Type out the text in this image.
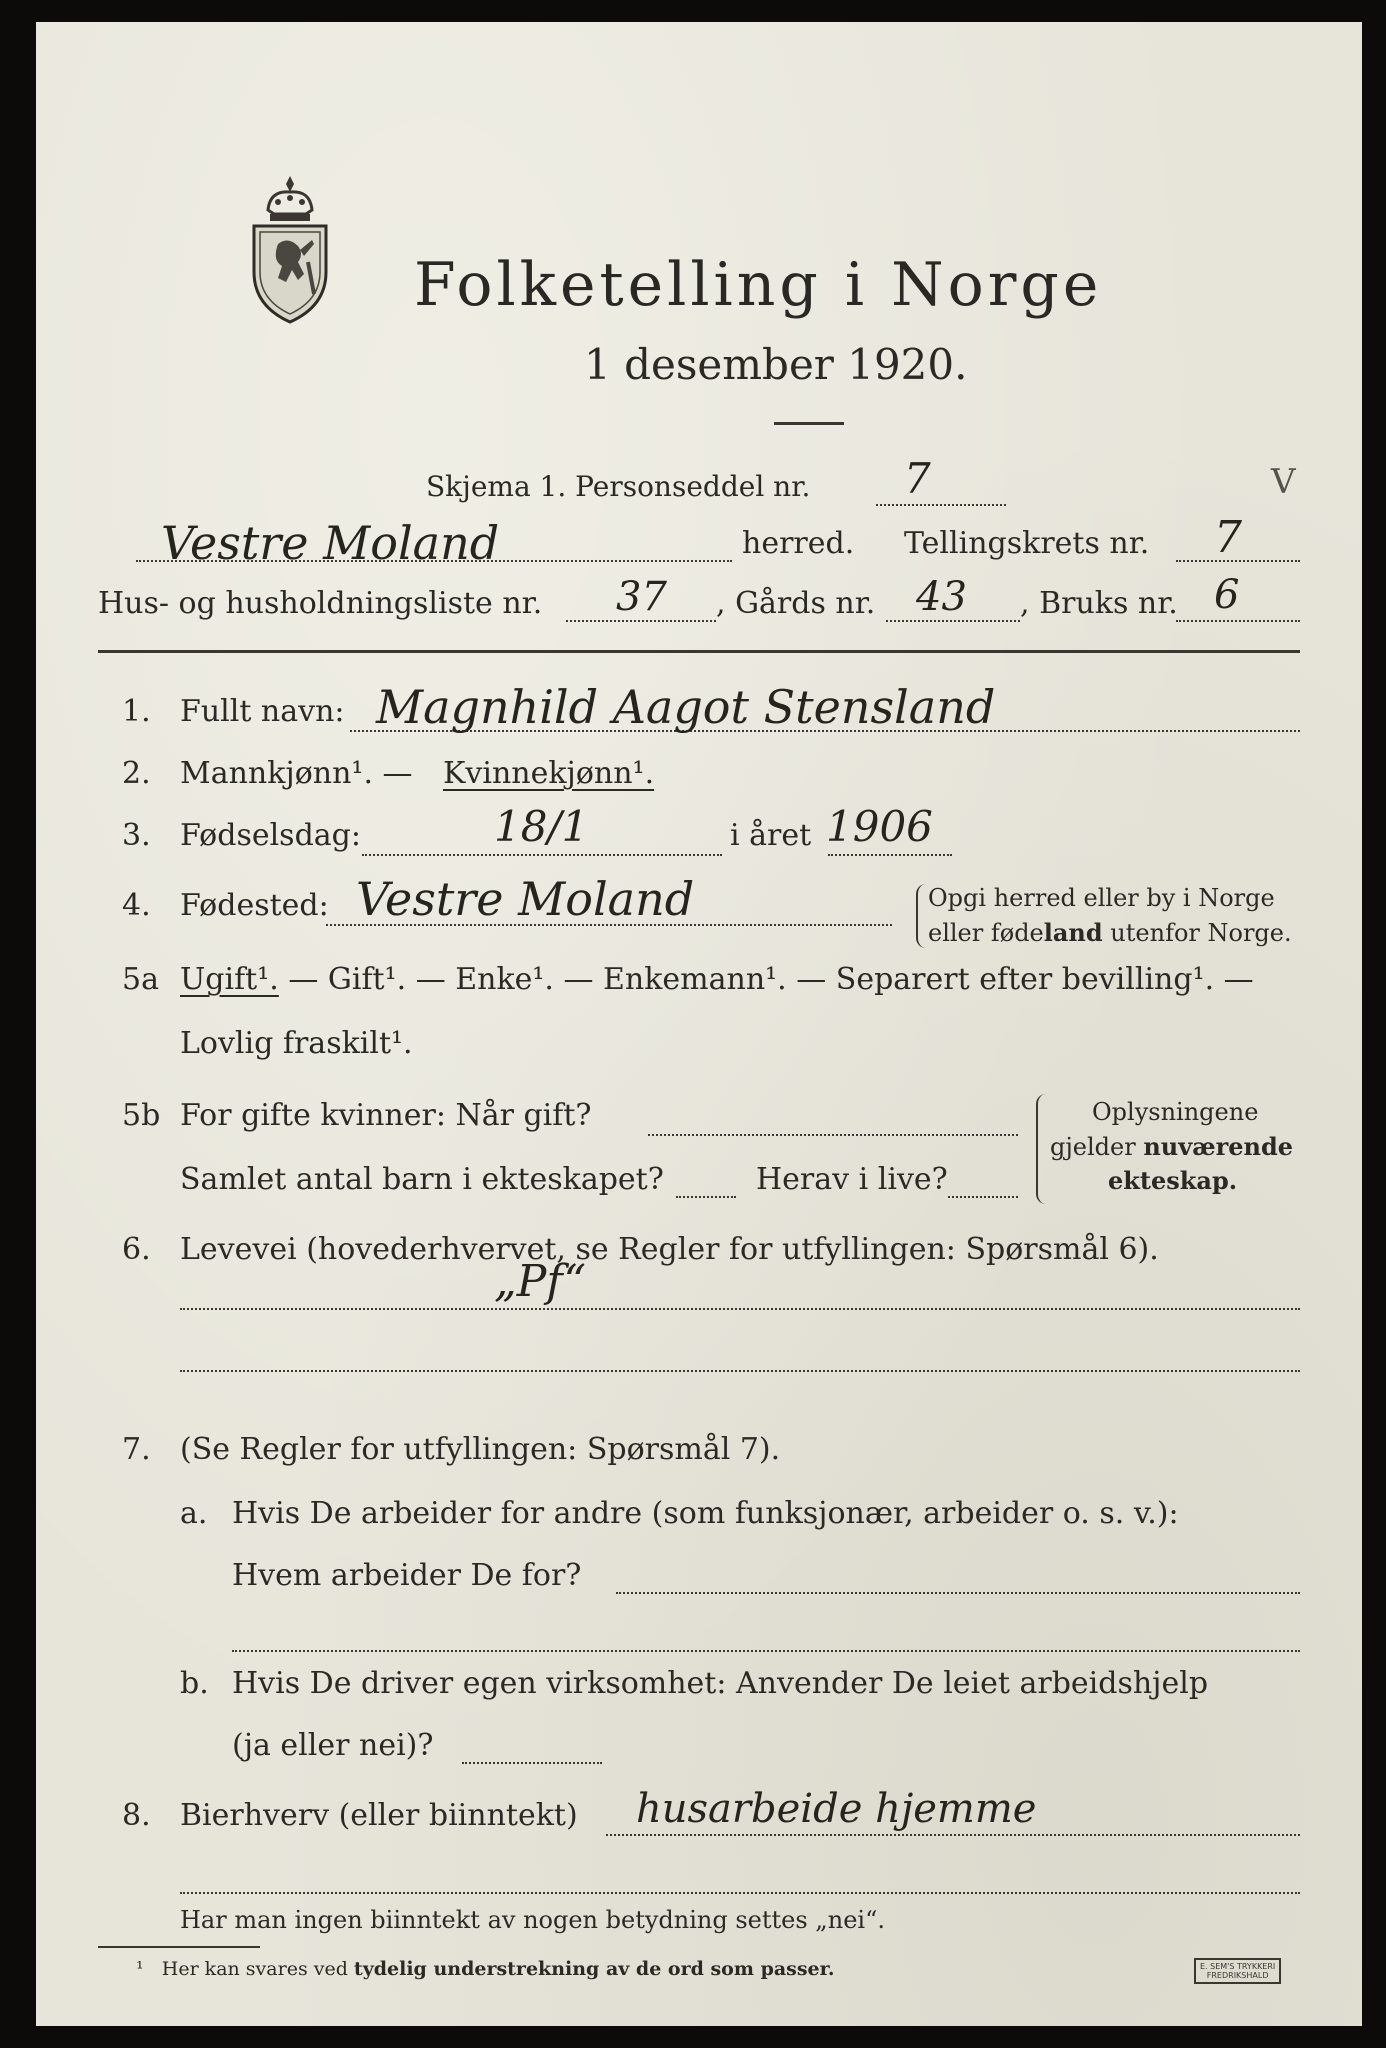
Folketelling i Norge
1 desember 1920.
V
Skjema 1. Personseddel nr. 7
Vestre Moland	herred. Tellingskrets nr. 7
Hus- og husholdningsliste nr. 37 , Gårds nr. 43 , Bruks nr. 6
1. Fullt navn: Magnhild Aagot Stensland
2. Mannkjønn¹. — Kvinnekjønn¹.
3. Fødselsdag:	18/1	i året 1906
4. Fødested: Vestre Moland	Opgi herred eller by i Norge
eller fødeland utenfor Norge.
5a Ugift¹. — Gift¹. — Enke¹. — Enkemann¹. — Separert efter bevilling¹. —
Lovlig fraskilt¹.
5b For gifte kvinner: Når gift?
Samlet antal barn i ekteskapet?	Herav i live?
Oplysningene
gjelder nuværende
ekteskap.
6. Levevei (hovederhvervet, se Regler for utfyllingen: Spørsmål 6).
„Pf“
7. (Se Regler for utfyllingen: Spørsmål 7).
a. Hvis De arbeider for andre (som funksjonær, arbeider o. s. v.):
Hvem arbeider De for?
b. Hvis De driver egen virksomhet: Anvender De leiet arbeidshjelp
(ja eller nei)?
8. Bierhverv (eller biinntekt) husarbeide hjemme
Har man ingen biinntekt av nogen betydning settes „nei“.
¹ Her kan svares ved tydelig understrekning av de ord som passer.	E. SEM'S TRYKKERI
FREDRIKSHALD
